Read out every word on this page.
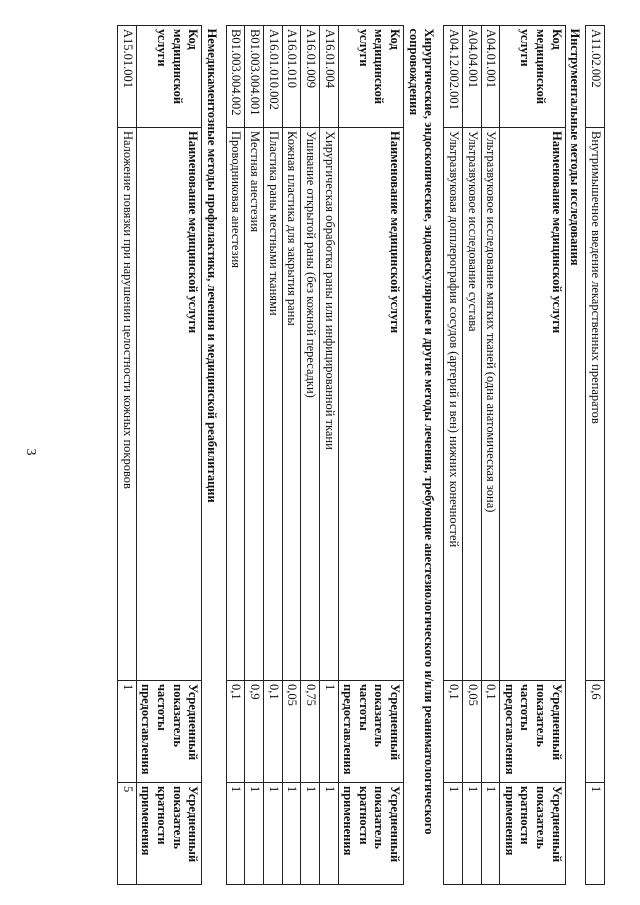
3
A11.02.002	Внутримышечное введение лекарственных препаратов	0,6	1
Инструментальные методы исследования			

Код
медицинской
услуги	Наименование медицинской услуги	Усредненный
показатель
частоты
предоставления	Усредненный
показатель
кратности
применения

A04.01.001	Ультразвуковое исследование мягких тканей (одна анатомическая зона)	0,1	1
A04.04.001	Ультразвуковое исследование сустава	0,05	1
A04.12.002.001	Ультразвуковая допплерография сосудов (артерий и вен) нижних конечностей	0,1	1

Хирургические, эндоскопические, эндоваскулярные и другие методы лечения, требующие анестезиологического и/или реаниматологического сопровождения			

Код
медицинской
услуги	Наименование медицинской услуги	Усредненный
показатель
частоты
предоставления	Усредненный
показатель
кратности
применения

A16.01.004	Хирургическая обработка раны или инфицированной ткани	1	1
A16.01.009	Ушивание открытой раны (без кожной пересадки)	0,75	1
A16.01.010	Кожная пластика для закрытия раны	0,05	1
A16.01.010.002	Пластика раны местными тканями	0,1	1
B01.003.004.001	Местная анестезия	0,9	1
B01.003.004.002	Проводниковая анестезия	0,1	1

Немедикаментозные методы профилактики, лечения и медицинской реабилитации			

Код
медицинской
услуги	Наименование медицинской услуги	Усредненный
показатель
частоты
предоставления	Усредненный
показатель
кратности
применения

A15.01.001	Наложение повязки при нарушении целостности кожных покровов	1	5
